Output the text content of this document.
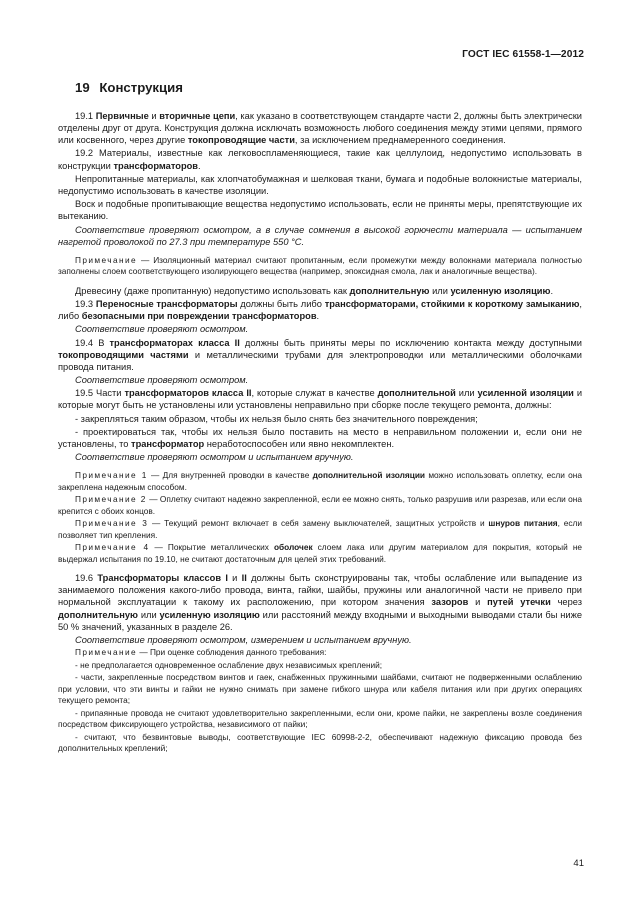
ГОСТ IEC 61558-1—2012
19 Конструкция

19.1 Первичные и вторичные цепи, как указано в соответствующем стандарте части 2, должны быть электрически отделены друг от друга. Конструкция должна исключать возможность любого соединения между этими цепями, прямого или косвенного, через другие токопроводящие части, за исключением преднамеренного соединения.

19.2 Материалы, известные как легковоспламеняющиеся, такие как целлулоид, недопустимо использовать в конструкции трансформаторов.

Непропитанные материалы, как хлопчатобумажная и шелковая ткани, бумага и подобные волокнистые материалы, недопустимо использовать в качестве изоляции.

Воск и подобные пропитывающие вещества недопустимо использовать, если не приняты меры, препятствующие их вытеканию.

Соответствие проверяют осмотром, а в случае сомнения в высокой горючести материала — испытанием нагретой проволокой по 27.3 при температуре 550 °С.

Примечание — Изоляционный материал считают пропитанным, если промежутки между волокнами материала полностью заполнены слоем соответствующего изолирующего вещества (например, эпоксидная смола, лак и аналогичные вещества).

Древесину (даже пропитанную) недопустимо использовать как дополнительную или усиленную изоляцию.

19.3 Переносные трансформаторы должны быть либо трансформаторами, стойкими к короткому замыканию, либо безопасными при повреждении трансформаторов.

Соответствие проверяют осмотром.

19.4 В трансформаторах класса II должны быть приняты меры по исключению контакта между доступными токопроводящими частями и металлическими трубами для электропроводки или металлическими оболочками провода питания.

Соответствие проверяют осмотром.

19.5 Части трансформаторов класса II, которые служат в качестве дополнительной или усиленной изоляции и которые могут быть не установлены или установлены неправильно при сборке после текущего ремонта, должны:

- закрепляться таким образом, чтобы их нельзя было снять без значительного повреждения;

- проектироваться так, чтобы их нельзя было поставить на место в неправильном положении и, если они не установлены, то трансформатор неработоспособен или явно некомплектен.

Соответствие проверяют осмотром и испытанием вручную.

Примечание 1 — Для внутренней проводки в качестве дополнительной изоляции можно использовать оплетку, если она закреплена надежным способом.

Примечание 2 — Оплетку считают надежно закрепленной, если ее можно снять, только разрушив или разрезав, или если она крепится с обоих концов.

Примечание 3 — Текущий ремонт включает в себя замену выключателей, защитных устройств и шнуров питания, если позволяет тип крепления.

Примечание 4 — Покрытие металлических оболочек слоем лака или другим материалом для покрытия, который не выдержал испытания по 19.10, не считают достаточным для целей этих требований.

19.6 Трансформаторы классов I и II должны быть сконструированы так, чтобы ослабление или выпадение из занимаемого положения какого-либо провода, винта, гайки, шайбы, пружины или аналогичной части не привело при нормальной эксплуатации к такому их расположению, при котором значения зазоров и путей утечки через дополнительную или усиленную изоляцию или расстояний между входными и выходными выводами стали бы ниже 50 % значений, указанных в разделе 26.

Соответствие проверяют осмотром, измерением и испытанием вручную.

Примечание — При оценке соблюдения данного требования:

- не предполагается одновременное ослабление двух независимых креплений;

- части, закрепленные посредством винтов и гаек, снабженных пружинными шайбами, считают не подверженными ослаблению при условии, что эти винты и гайки не нужно снимать при замене гибкого шнура или кабеля питания или при других операциях текущего ремонта;

- припаянные провода не считают удовлетворительно закрепленными, если они, кроме пайки, не закреплены возле соединения посредством фиксирующего устройства, независимого от пайки;

- считают, что безвинтовые выводы, соответствующие IEC 60998-2-2, обеспечивают надежную фиксацию провода без дополнительных креплений;

41
